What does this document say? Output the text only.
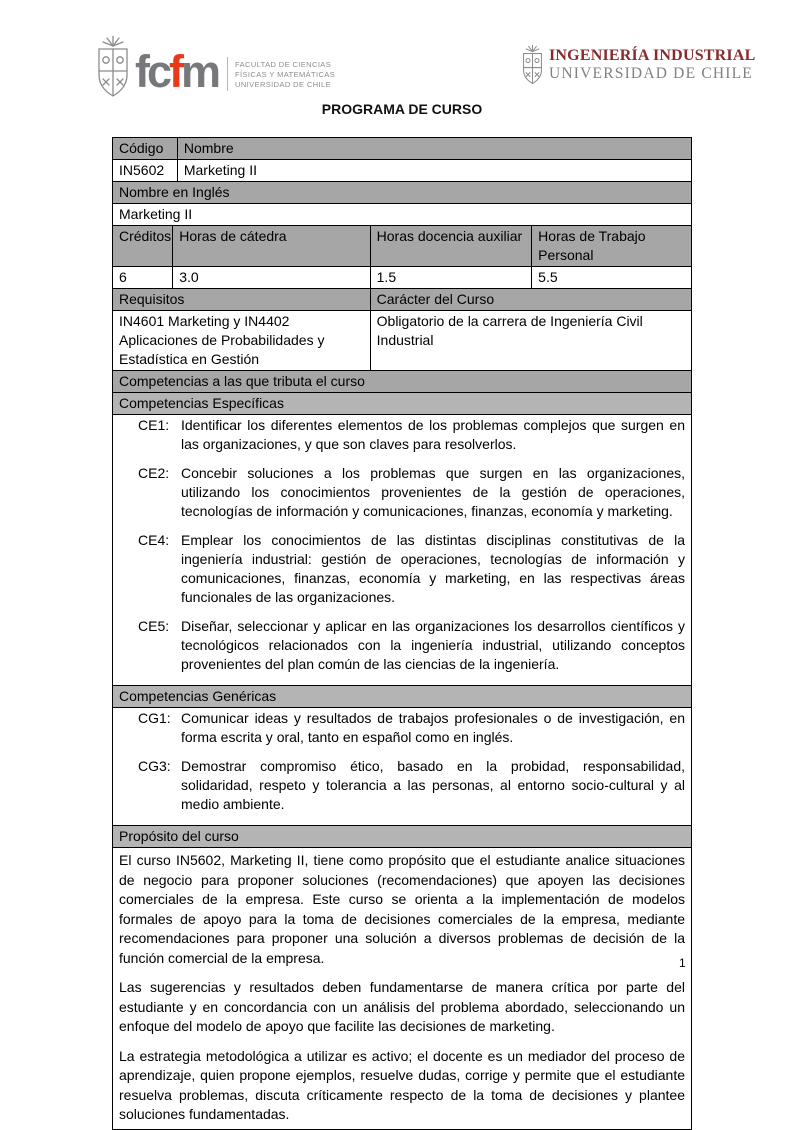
fcfm FACULTAD DE CIENCIAS
FÍSICAS Y MATEMÁTICAS
UNIVERSIDAD DE CHILE
INGENIERÍA INDUSTRIAL
UNIVERSIDAD DE CHILE
PROGRAMA DE CURSO
Código	Nombre
IN5602	Marketing II
Nombre en Inglés	
Marketing II	
Créditos	Horas de cátedra	Horas docencia auxiliar	Horas de Trabajo Personal
6	3.0	1.5	5.5
Requisitos	Carácter del Curso
IN4601 Marketing y IN4402 Aplicaciones de Probabilidades y Estadística en Gestión	Obligatorio de la carrera de Ingeniería Civil Industrial
Competencias a las que tributa el curso
Competencias Específicas

CE1: Identificar los diferentes elementos de los problemas complejos que surgen en las organizaciones, y que son claves para resolverlos.
CE2: Concebir soluciones a los problemas que surgen en las organizaciones, utilizando los conocimientos provenientes de la gestión de operaciones, tecnologías de información y comunicaciones, finanzas, economía y marketing.
CE4: Emplear los conocimientos de las distintas disciplinas constitutivas de la ingeniería industrial: gestión de operaciones, tecnologías de información y comunicaciones, finanzas, economía y marketing, en las respectivas áreas funcionales de las organizaciones.
CE5: Diseñar, seleccionar y aplicar en las organizaciones los desarrollos científicos y tecnológicos relacionados con la ingeniería industrial, utilizando conceptos provenientes del plan común de las ciencias de la ingeniería.

Competencias Genéricas

CG1: Comunicar ideas y resultados de trabajos profesionales o de investigación, en forma escrita y oral, tanto en español como en inglés.
CG3: Demostrar compromiso ético, basado en la probidad, responsabilidad, solidaridad, respeto y tolerancia a las personas, al entorno socio-cultural y al medio ambiente.

Propósito del curso

El curso IN5602, Marketing II, tiene como propósito que el estudiante analice situaciones de negocio para proponer soluciones (recomendaciones) que apoyen las decisiones comerciales de la empresa. Este curso se orienta a la implementación de modelos formales de apoyo para la toma de decisiones comerciales de la empresa, mediante recomendaciones para proponer una solución a diversos problemas de decisión de la función comercial de la empresa.

Las sugerencias y resultados deben fundamentarse de manera crítica por parte del estudiante y en concordancia con un análisis del problema abordado, seleccionando un enfoque del modelo de apoyo que facilite las decisiones de marketing.

La estrategia metodológica a utilizar es activo; el docente es un mediador del proceso de aprendizaje, quien propone ejemplos, resuelve dudas, corrige y permite que el estudiante resuelva problemas, discuta críticamente respecto de la toma de decisiones y plantee soluciones fundamentadas.

1
